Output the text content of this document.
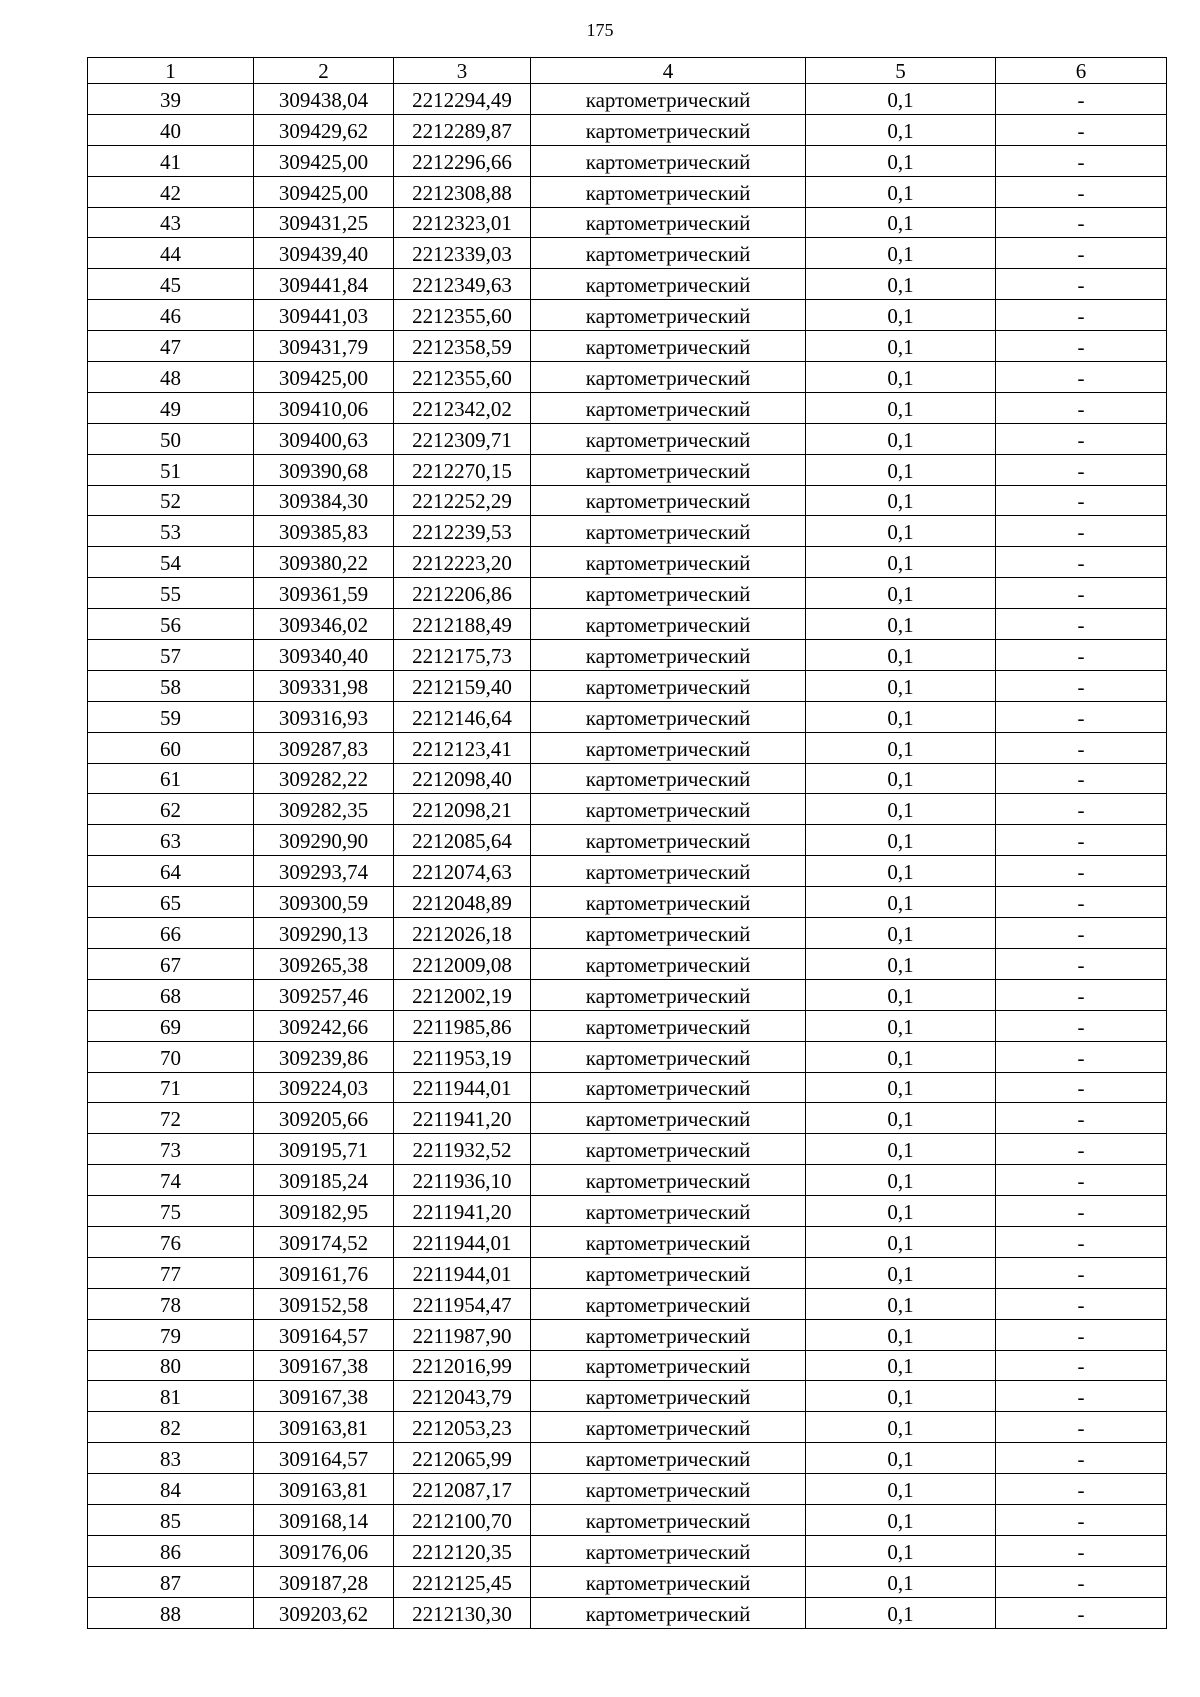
175
1	2	3	4	5	6
39	309438,04	2212294,49	картометрический	0,1	-
40	309429,62	2212289,87	картометрический	0,1	-
41	309425,00	2212296,66	картометрический	0,1	-
42	309425,00	2212308,88	картометрический	0,1	-
43	309431,25	2212323,01	картометрический	0,1	-
44	309439,40	2212339,03	картометрический	0,1	-
45	309441,84	2212349,63	картометрический	0,1	-
46	309441,03	2212355,60	картометрический	0,1	-
47	309431,79	2212358,59	картометрический	0,1	-
48	309425,00	2212355,60	картометрический	0,1	-
49	309410,06	2212342,02	картометрический	0,1	-
50	309400,63	2212309,71	картометрический	0,1	-
51	309390,68	2212270,15	картометрический	0,1	-
52	309384,30	2212252,29	картометрический	0,1	-
53	309385,83	2212239,53	картометрический	0,1	-
54	309380,22	2212223,20	картометрический	0,1	-
55	309361,59	2212206,86	картометрический	0,1	-
56	309346,02	2212188,49	картометрический	0,1	-
57	309340,40	2212175,73	картометрический	0,1	-
58	309331,98	2212159,40	картометрический	0,1	-
59	309316,93	2212146,64	картометрический	0,1	-
60	309287,83	2212123,41	картометрический	0,1	-
61	309282,22	2212098,40	картометрический	0,1	-
62	309282,35	2212098,21	картометрический	0,1	-
63	309290,90	2212085,64	картометрический	0,1	-
64	309293,74	2212074,63	картометрический	0,1	-
65	309300,59	2212048,89	картометрический	0,1	-
66	309290,13	2212026,18	картометрический	0,1	-
67	309265,38	2212009,08	картометрический	0,1	-
68	309257,46	2212002,19	картометрический	0,1	-
69	309242,66	2211985,86	картометрический	0,1	-
70	309239,86	2211953,19	картометрический	0,1	-
71	309224,03	2211944,01	картометрический	0,1	-
72	309205,66	2211941,20	картометрический	0,1	-
73	309195,71	2211932,52	картометрический	0,1	-
74	309185,24	2211936,10	картометрический	0,1	-
75	309182,95	2211941,20	картометрический	0,1	-
76	309174,52	2211944,01	картометрический	0,1	-
77	309161,76	2211944,01	картометрический	0,1	-
78	309152,58	2211954,47	картометрический	0,1	-
79	309164,57	2211987,90	картометрический	0,1	-
80	309167,38	2212016,99	картометрический	0,1	-
81	309167,38	2212043,79	картометрический	0,1	-
82	309163,81	2212053,23	картометрический	0,1	-
83	309164,57	2212065,99	картометрический	0,1	-
84	309163,81	2212087,17	картометрический	0,1	-
85	309168,14	2212100,70	картометрический	0,1	-
86	309176,06	2212120,35	картометрический	0,1	-
87	309187,28	2212125,45	картометрический	0,1	-
88	309203,62	2212130,30	картометрический	0,1	-
